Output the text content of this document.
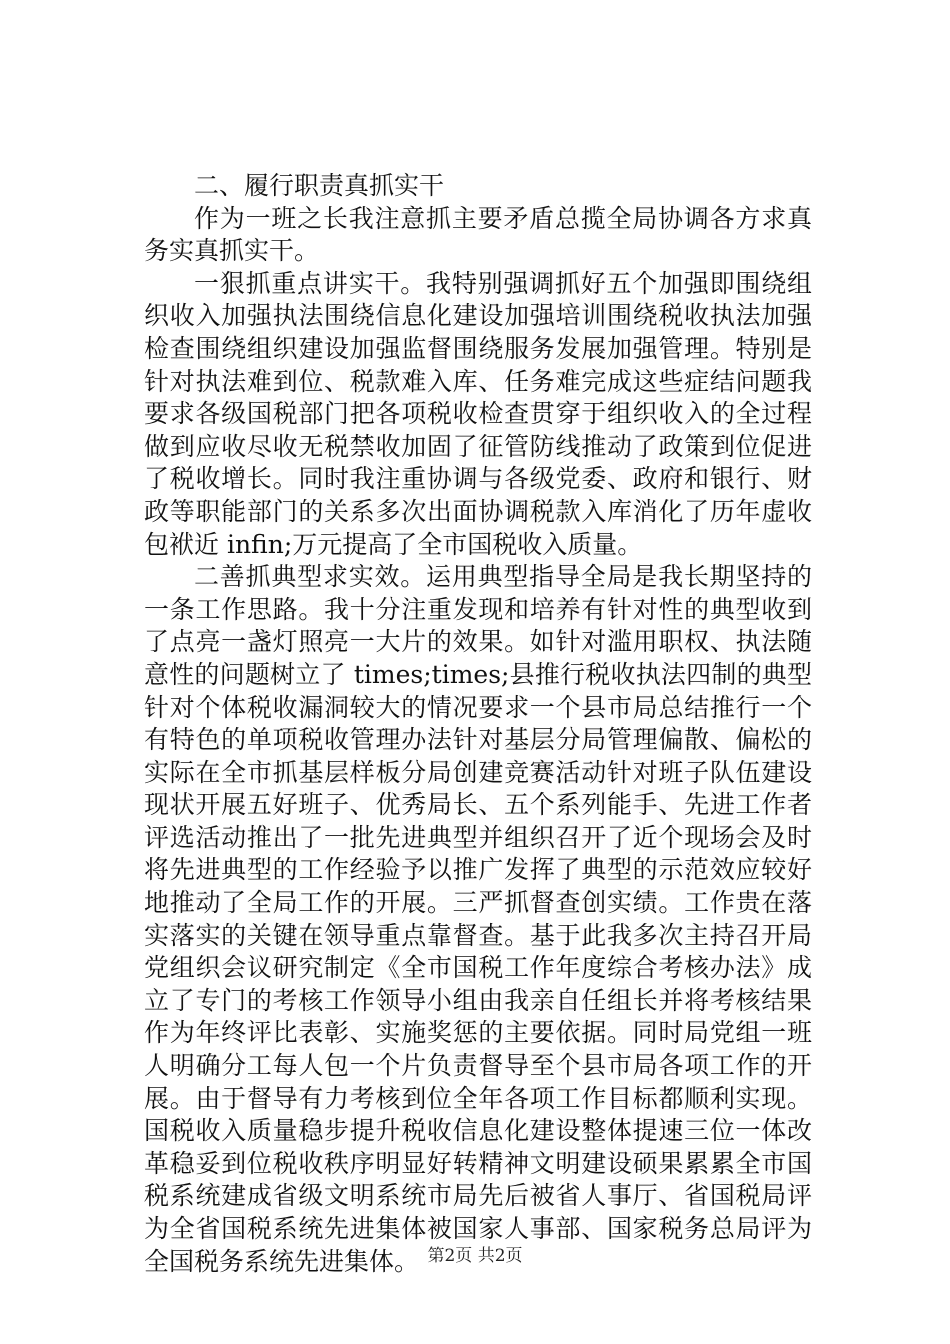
二、履行职责真抓实干

作为一班之长我注意抓主要矛盾总揽全局协调各方求真务实真抓实干。

一狠抓重点讲实干。我特别强调抓好五个加强即围绕组织收入加强执法围绕信息化建设加强培训围绕税收执法加强检查围绕组织建设加强监督围绕服务发展加强管理。特别是针对执法难到位、税款难入库、任务难完成这些症结问题我要求各级国税部门把各项税收检查贯穿于组织收入的全过程做到应收尽收无税禁收加固了征管防线推动了政策到位促进了税收增长。同时我注重协调与各级党委、政府和银行、财政等职能部门的关系多次出面协调税款入库消化了历年虚收包袱近 infin;万元提高了全市国税收入质量。

二善抓典型求实效。运用典型指导全局是我长期坚持的一条工作思路。我十分注重发现和培养有针对性的典型收到了点亮一盏灯照亮一大片的效果。如针对滥用职权、执法随意性的问题树立了 times;times;县推行税收执法四制的典型针对个体税收漏洞较大的情况要求一个县市局总结推行一个有特色的单项税收管理办法针对基层分局管理偏散、偏松的实际在全市抓基层样板分局创建竞赛活动针对班子队伍建设现状开展五好班子、优秀局长、五个系列能手、先进工作者评选活动推出了一批先进典型并组织召开了近个现场会及时将先进典型的工作经验予以推广发挥了典型的示范效应较好地推动了全局工作的开展。三严抓督查创实绩。工作贵在落实落实的关键在领导重点靠督查。基于此我多次主持召开局党组织会议研究制定《全市国税工作年度综合考核办法》成立了专门的考核工作领导小组由我亲自任组长并将考核结果作为年终评比表彰、实施奖惩的主要依据。同时局党组一班人明确分工每人包一个片负责督导至个县市局各项工作的开展。由于督导有力考核到位全年各项工作目标都顺利实现。国税收入质量稳步提升税收信息化建设整体提速三位一体改革稳妥到位税收秩序明显好转精神文明建设硕果累累全市国税系统建成省级文明系统市局先后被省人事厅、省国税局评为全省国税系统先进集体被国家人事部、国家税务总局评为全国税务系统先进集体。 第2页 共2页
